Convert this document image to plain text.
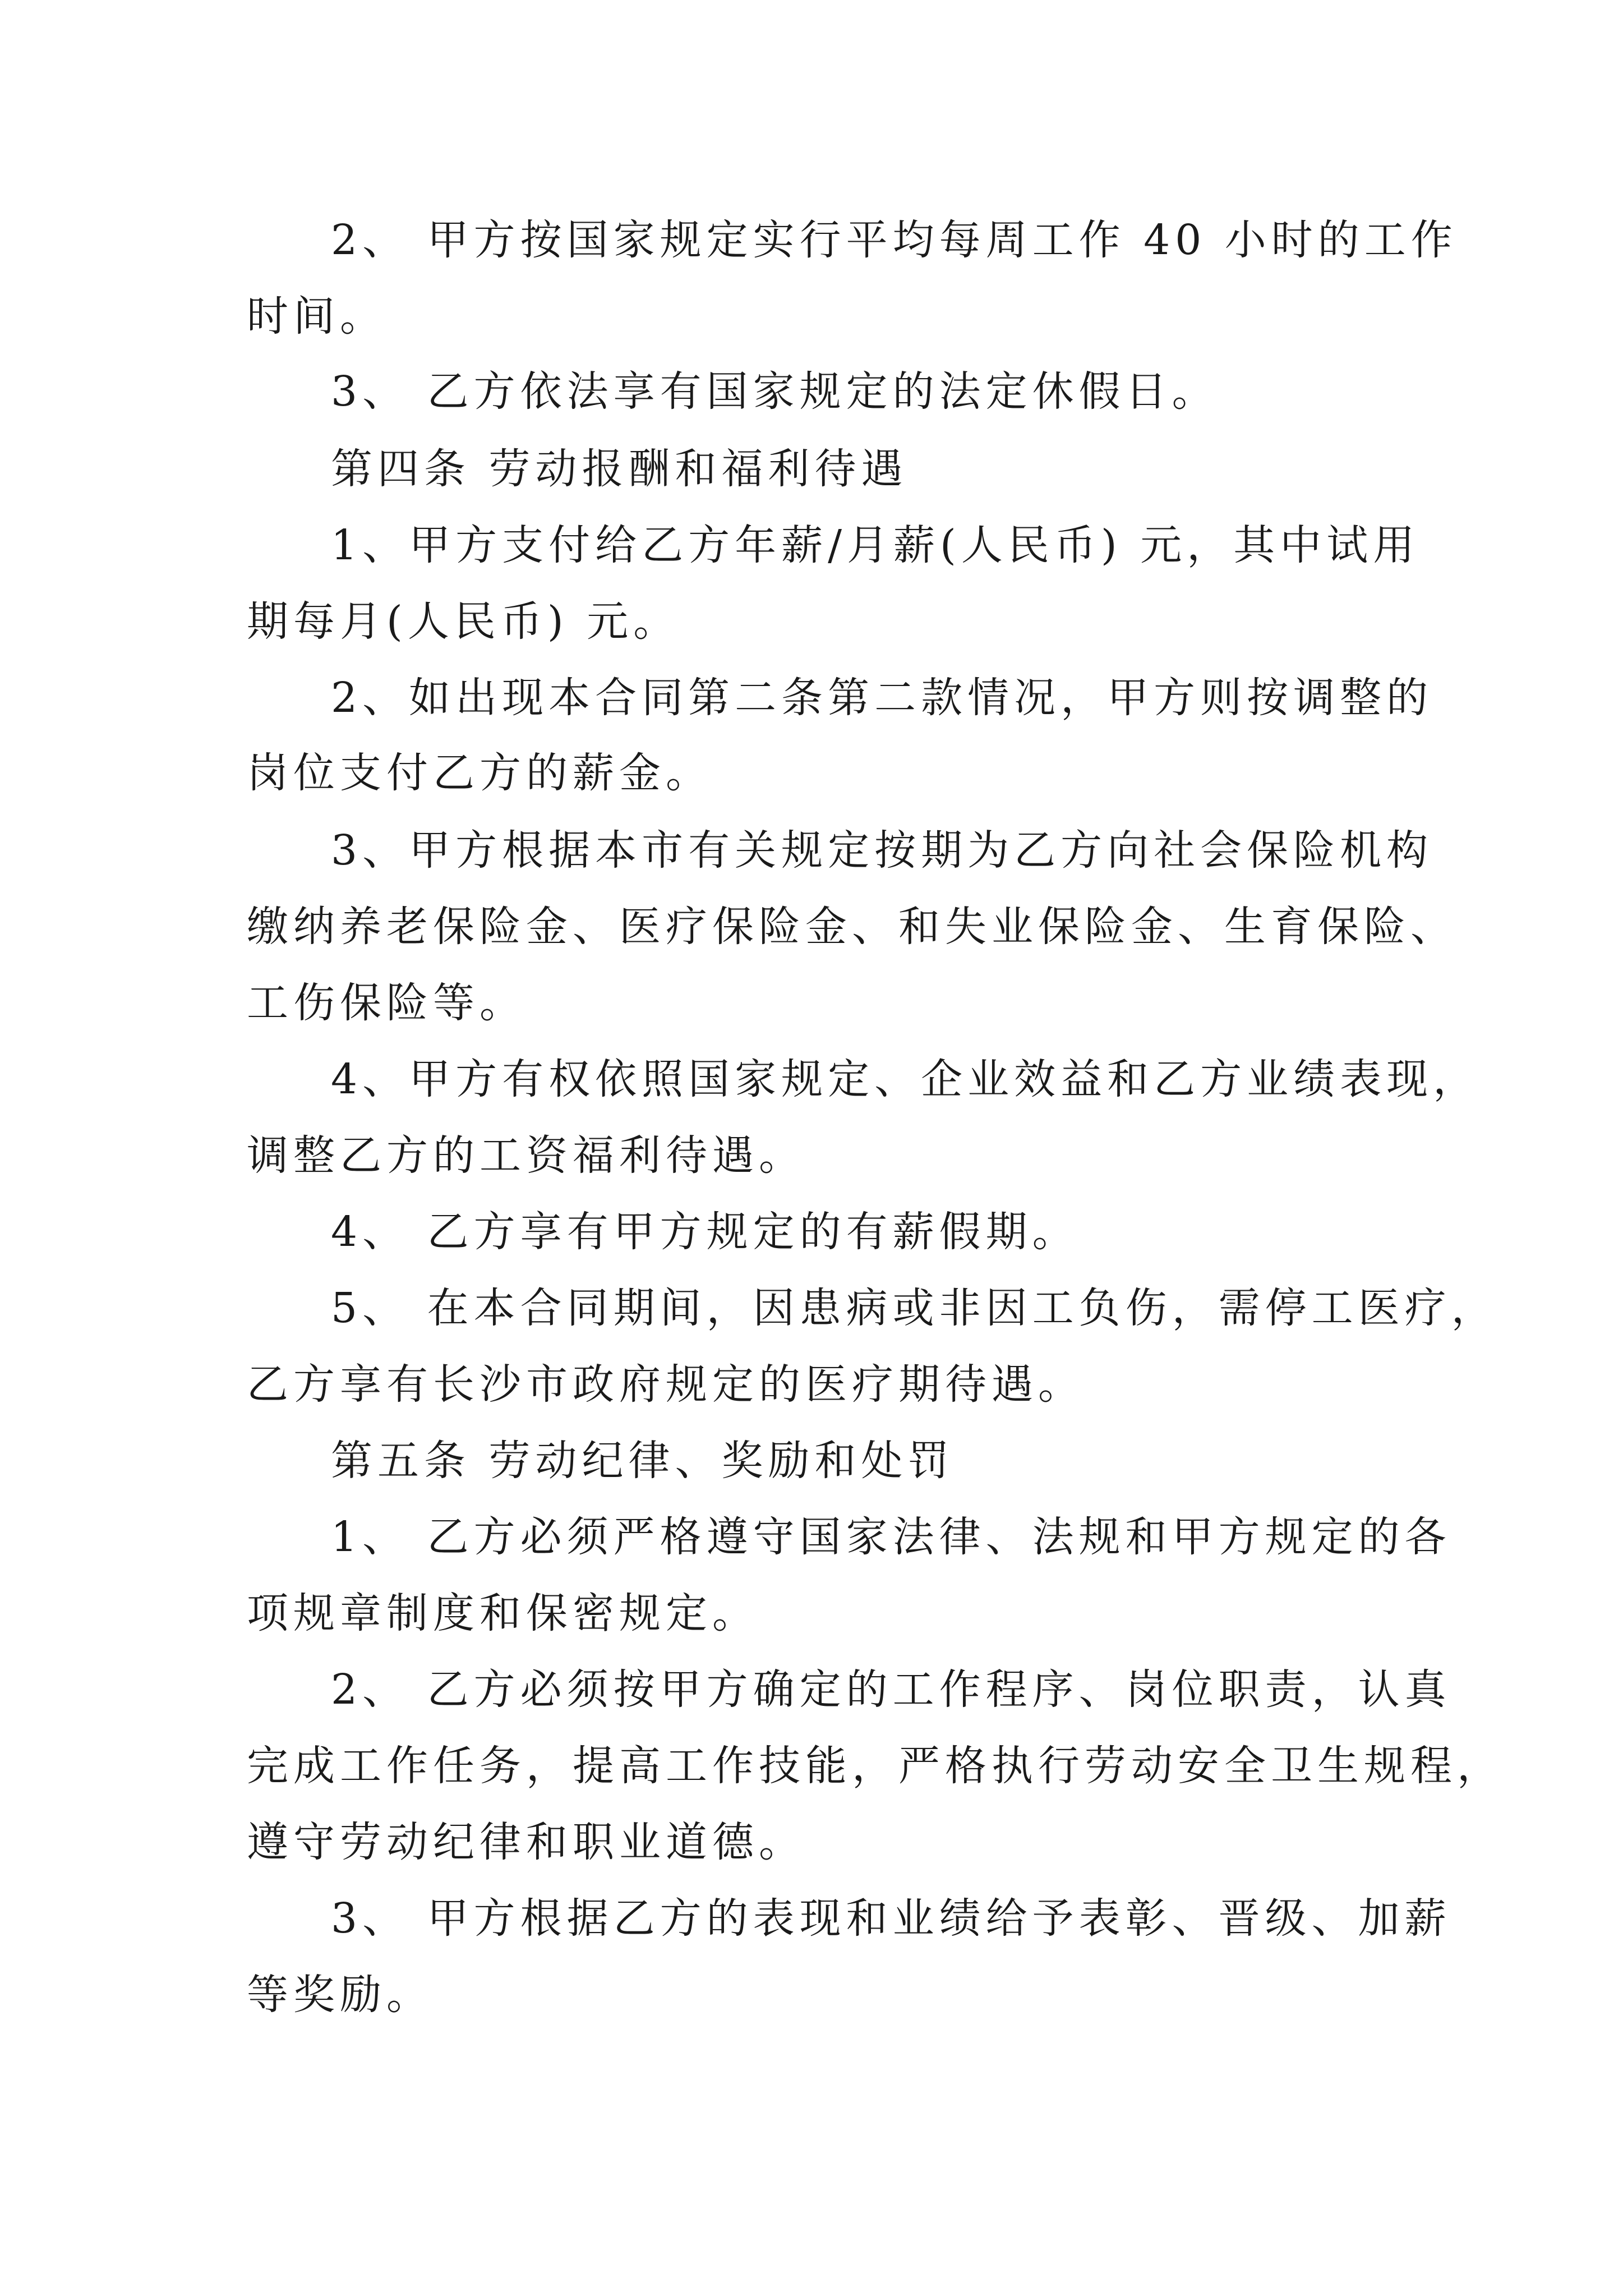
2、 甲方按国家规定实行平均每周工作 40 小时的工作
时间。
3、 乙方依法享有国家规定的法定休假日。
第四条 劳动报酬和福利待遇
1、甲方支付给乙方年薪/月薪(人民币) 元，其中试用
期每月(人民币) 元。
2、如出现本合同第二条第二款情况，甲方则按调整的
岗位支付乙方的薪金。
3、甲方根据本市有关规定按期为乙方向社会保险机构
缴纳养老保险金、医疗保险金、和失业保险金、生育保险、
工伤保险等。
4、甲方有权依照国家规定、企业效益和乙方业绩表现，
调整乙方的工资福利待遇。
4、 乙方享有甲方规定的有薪假期。
5、 在本合同期间，因患病或非因工负伤，需停工医疗，
乙方享有长沙市政府规定的医疗期待遇。
第五条 劳动纪律、奖励和处罚
1、 乙方必须严格遵守国家法律、法规和甲方规定的各
项规章制度和保密规定。
2、 乙方必须按甲方确定的工作程序、岗位职责，认真
完成工作任务，提高工作技能，严格执行劳动安全卫生规程，
遵守劳动纪律和职业道德。
3、 甲方根据乙方的表现和业绩给予表彰、晋级、加薪
等奖励。
